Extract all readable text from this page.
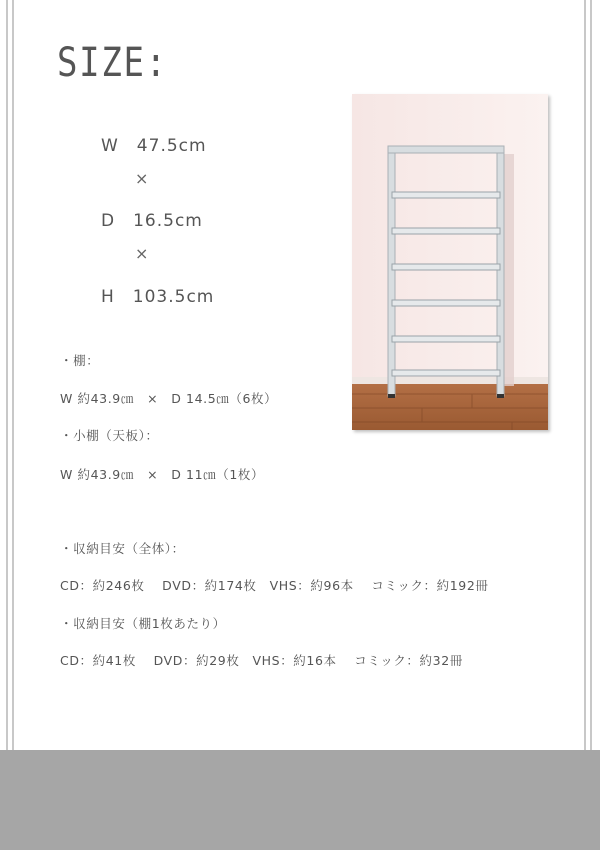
SIZE:
W　47.5cm
×
D　16.5cm
×
H　103.5cm
・棚：
W 約43.9㎝　×　D 14.5㎝（6枚）
・小棚（天板）：
W 約43.9㎝　×　D 11㎝（1枚）
・収納目安（全体）：
CD：約246枚　 DVD：約174枚　VHS：約96本　 コミック：約192冊
・収納目安（棚1枚あたり）
CD：約41枚　 DVD：約29枚　VHS：約16本　 コミック：約32冊
